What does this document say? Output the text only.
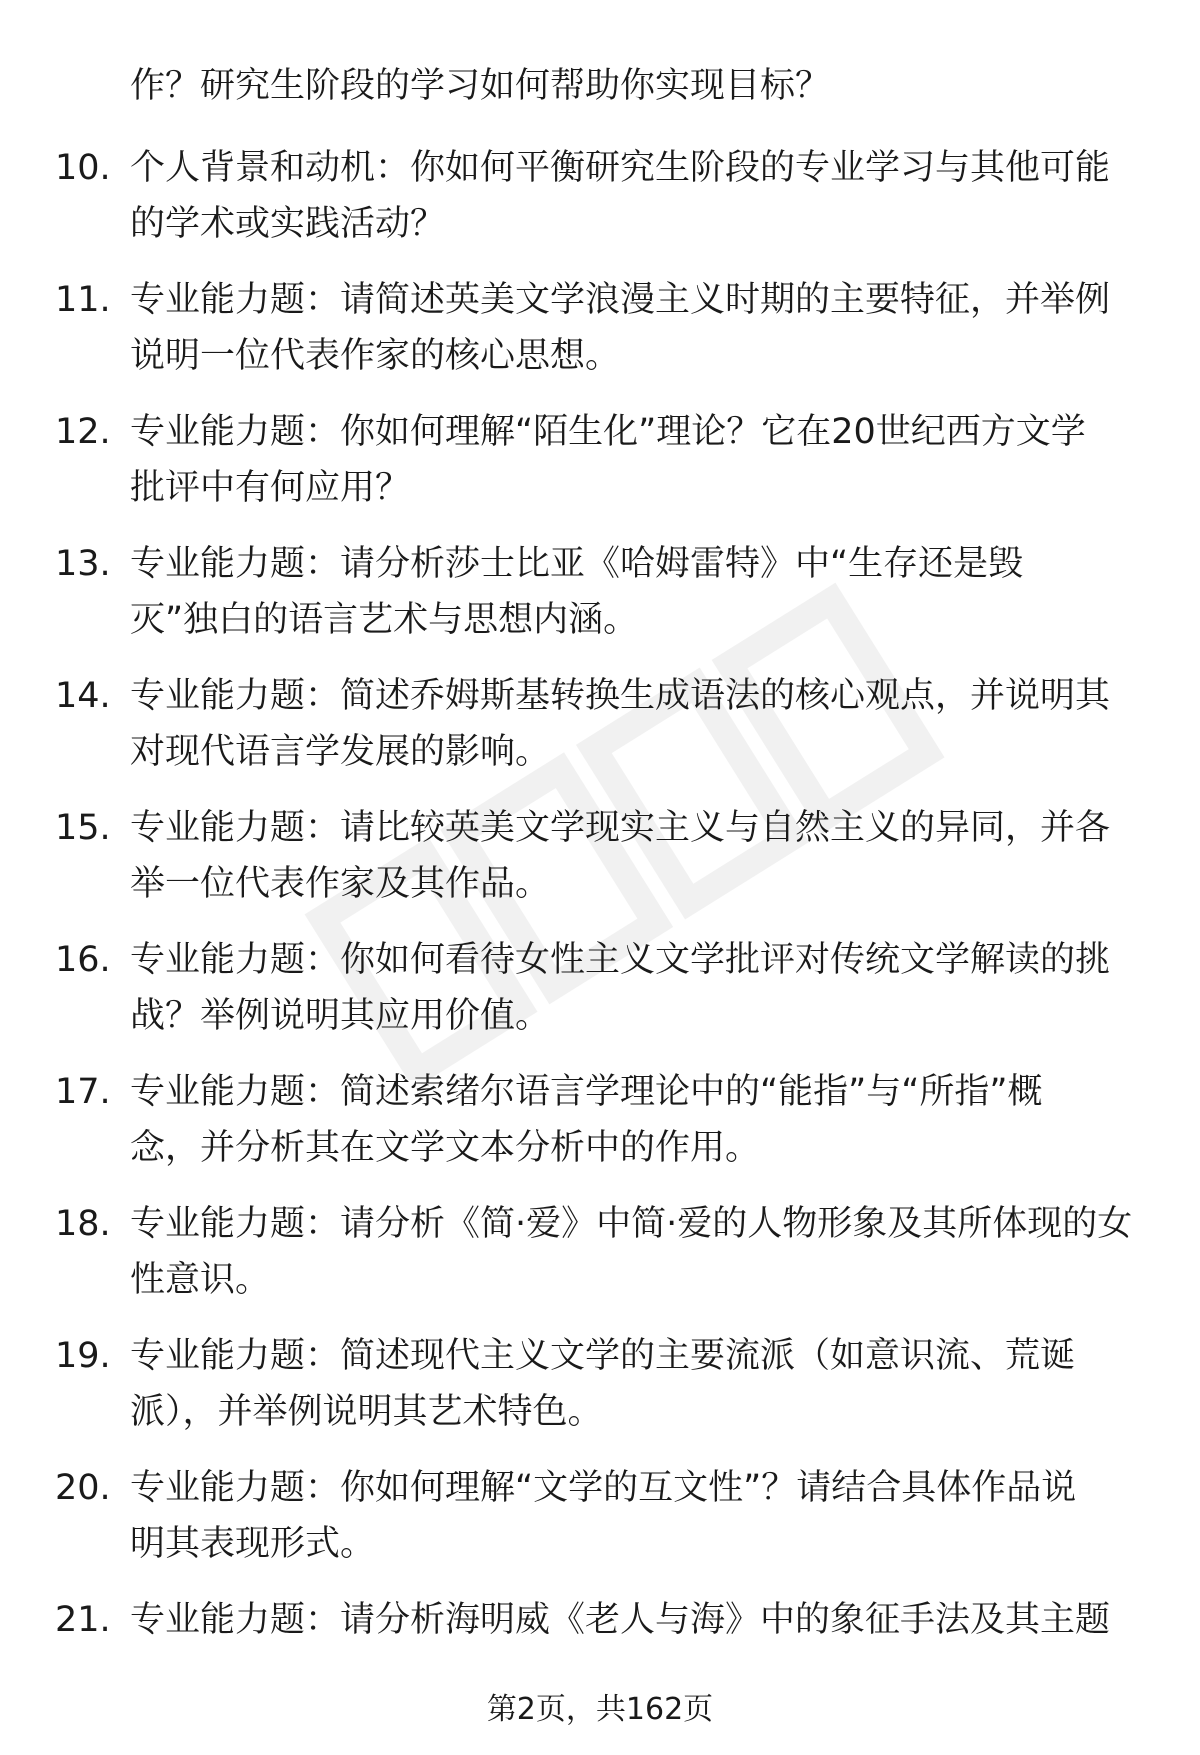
作？研究生阶段的学习如何帮助你实现目标？
10. 个人背景和动机：你如何平衡研究生阶段的专业学习与其他可能
的学术或实践活动？
11. 专业能力题：请简述英美文学浪漫主义时期的主要特征，并举例
说明一位代表作家的核心思想。
12. 专业能力题：你如何理解“陌生化”理论？它在20世纪西方文学
批评中有何应用？
13. 专业能力题：请分析莎士比亚《哈姆雷特》中“生存还是毁
灭”独白的语言艺术与思想内涵。
14. 专业能力题：简述乔姆斯基转换生成语法的核心观点，并说明其
对现代语言学发展的影响。
15. 专业能力题：请比较英美文学现实主义与自然主义的异同，并各
举一位代表作家及其作品。
16. 专业能力题：你如何看待女性主义文学批评对传统文学解读的挑
战？举例说明其应用价值。
17. 专业能力题：简述索绪尔语言学理论中的“能指”与“所指”概
念，并分析其在文学文本分析中的作用。
18. 专业能力题：请分析《简·爱》中简·爱的人物形象及其所体现的女
性意识。
19. 专业能力题：简述现代主义文学的主要流派（如意识流、荒诞
派），并举例说明其艺术特色。
20. 专业能力题：你如何理解“文学的互文性”？请结合具体作品说
明其表现形式。
21. 专业能力题：请分析海明威《老人与海》中的象征手法及其主题
第2页，共162页
